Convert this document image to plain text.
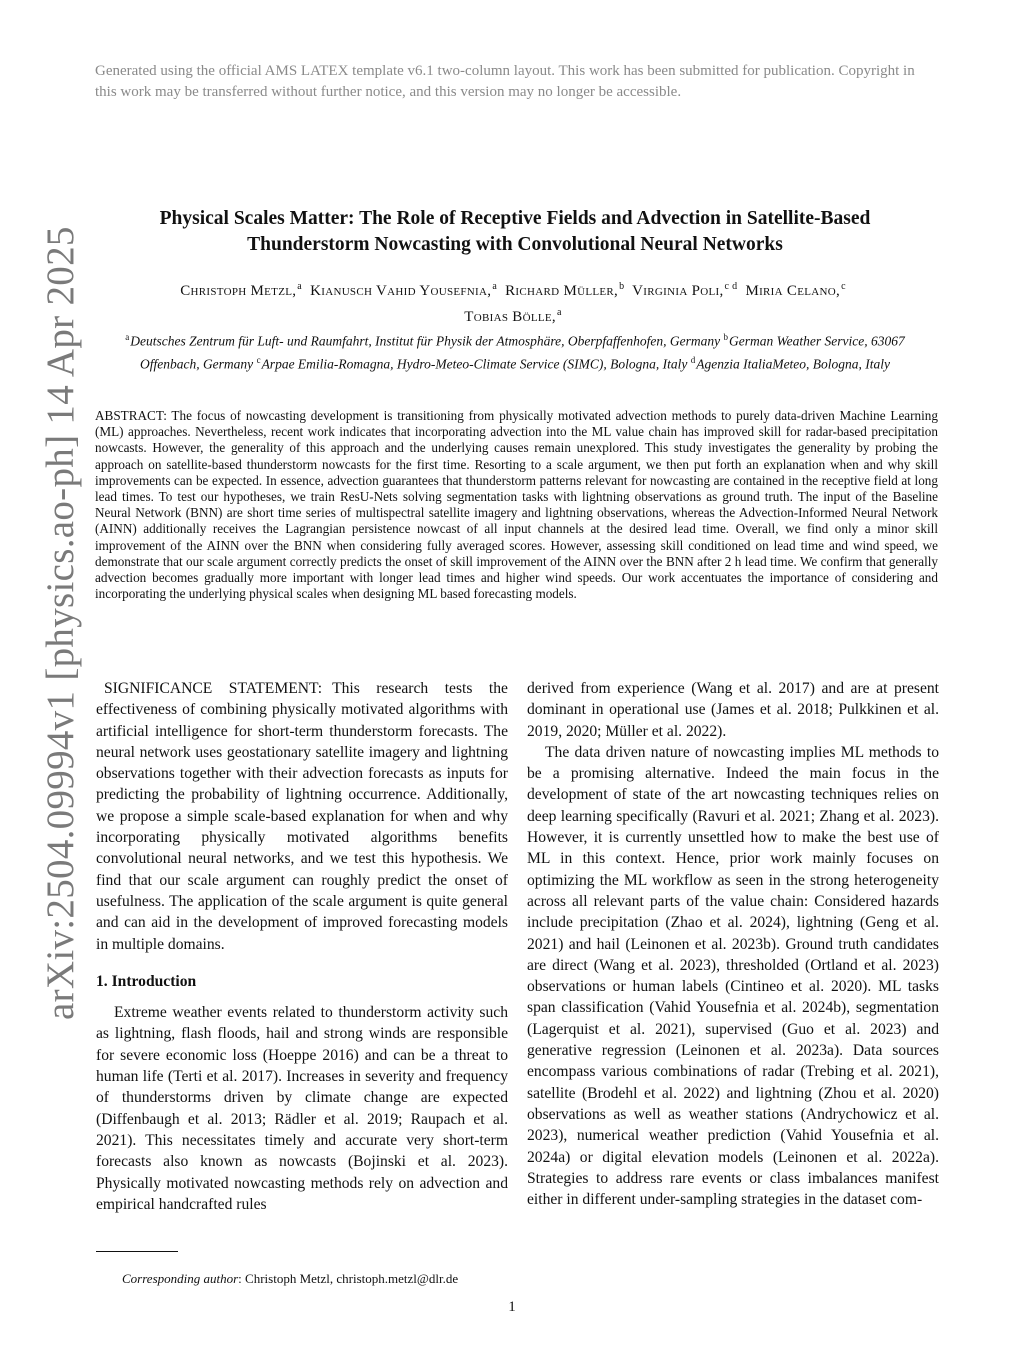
Generated using the official AMS LATEX template v6.1 two-column layout. This work has been submitted for publication. Copyright in this work may be transferred without further notice, and this version may no longer be accessible.
arXiv:2504.09994v1 [physics.ao-ph] 14 Apr 2025
Physical Scales Matter: The Role of Receptive Fields and Advection in Satellite-Based
Thunderstorm Nowcasting with Convolutional Neural Networks
Christoph Metzl,$^a$ Kianusch Vahid Yousefnia,$^a$ Richard Müller,$^b$ Virginia Poli,$^{c d}$ Miria Celano,$^c$
Tobias Bölle,$^a$
$^a$Deutsches Zentrum für Luft- und Raumfahrt, Institut für Physik der Atmosphäre, Oberpfaffenhofen, Germany $^b$German Weather Service, 63067 Offenbach, Germany $^c$Arpae Emilia-Romagna, Hydro-Meteo-Climate Service (SIMC), Bologna, Italy $^d$Agenzia ItaliaMeteo, Bologna, Italy
ABSTRACT: The focus of nowcasting development is transitioning from physically motivated advection methods to purely data-driven Machine Learning (ML) approaches. Nevertheless, recent work indicates that incorporating advection into the ML value chain has improved skill for radar-based precipitation nowcasts. However, the generality of this approach and the underlying causes remain unexplored. This study investigates the generality by probing the approach on satellite-based thunderstorm nowcasts for the first time. Resorting to a scale argument, we then put forth an explanation when and why skill improvements can be expected. In essence, advection guarantees that thunderstorm patterns relevant for nowcasting are contained in the receptive field at long lead times. To test our hypotheses, we train ResU-Nets solving segmentation tasks with lightning observations as ground truth. The input of the Baseline Neural Network (BNN) are short time series of multispectral satellite imagery and lightning observations, whereas the Advection-Informed Neural Network (AINN) additionally receives the Lagrangian persistence nowcast of all input channels at the desired lead time. Overall, we find only a minor skill improvement of the AINN over the BNN when considering fully averaged scores. However, assessing skill conditioned on lead time and wind speed, we demonstrate that our scale argument correctly predicts the onset of skill improvement of the AINN over the BNN after 2 h lead time. We confirm that generally advection becomes gradually more important with longer lead times and higher wind speeds. Our work accentuates the importance of considering and incorporating the underlying physical scales when designing ML based forecasting models.

SIGNIFICANCE STATEMENT: This research tests the effectiveness of combining physically motivated algorithms with artificial intelligence for short-term thunderstorm forecasts. The neural network uses geostationary satellite imagery and lightning observations together with their advection forecasts as inputs for predicting the probability of lightning occurrence. Additionally, we propose a simple scale-based explanation for when and why incorporating physically motivated algorithms benefits convolutional neural networks, and we test this hypothesis. We find that our scale argument can roughly predict the onset of usefulness. The application of the scale argument is quite general and can aid in the development of improved forecasting models in multiple domains.

1. Introduction

Extreme weather events related to thunderstorm activity such as lightning, flash floods, hail and strong winds are responsible for severe economic loss (Hoeppe 2016) and can be a threat to human life (Terti et al. 2017). Increases in severity and frequency of thunderstorms driven by climate change are expected (Diffenbaugh et al. 2013; Rädler et al. 2019; Raupach et al. 2021). This necessitates timely and accurate very short-term forecasts also known as nowcasts (Bojinski et al. 2023). Physically motivated nowcasting methods rely on advection and empirical handcrafted rules

derived from experience (Wang et al. 2017) and are at present dominant in operational use (James et al. 2018; Pulkkinen et al. 2019, 2020; Müller et al. 2022).

The data driven nature of nowcasting implies ML methods to be a promising alternative. Indeed the main focus in the development of state of the art nowcasting techniques relies on deep learning specifically (Ravuri et al. 2021; Zhang et al. 2023). However, it is currently unsettled how to make the best use of ML in this context. Hence, prior work mainly focuses on optimizing the ML workflow as seen in the strong heterogeneity across all relevant parts of the value chain: Considered hazards include precipitation (Zhao et al. 2024), lightning (Geng et al. 2021) and hail (Leinonen et al. 2023b). Ground truth candidates are direct (Wang et al. 2023), thresholded (Ortland et al. 2023) observations or human labels (Cintineo et al. 2020). ML tasks span classification (Vahid Yousefnia et al. 2024b), segmentation (Lagerquist et al. 2021), supervised (Guo et al. 2023) and generative regression (Leinonen et al. 2023a). Data sources encompass various combinations of radar (Trebing et al. 2021), satellite (Brodehl et al. 2022) and lightning (Zhou et al. 2020) observations as well as weather stations (Andrychowicz et al. 2023), numerical weather prediction (Vahid Yousefnia et al. 2024a) or digital elevation models (Leinonen et al. 2022a). Strategies to address rare events or class imbalances manifest either in different under-sampling strategies in the dataset com-

Corresponding author: Christoph Metzl, christoph.metzl@dlr.de
1
